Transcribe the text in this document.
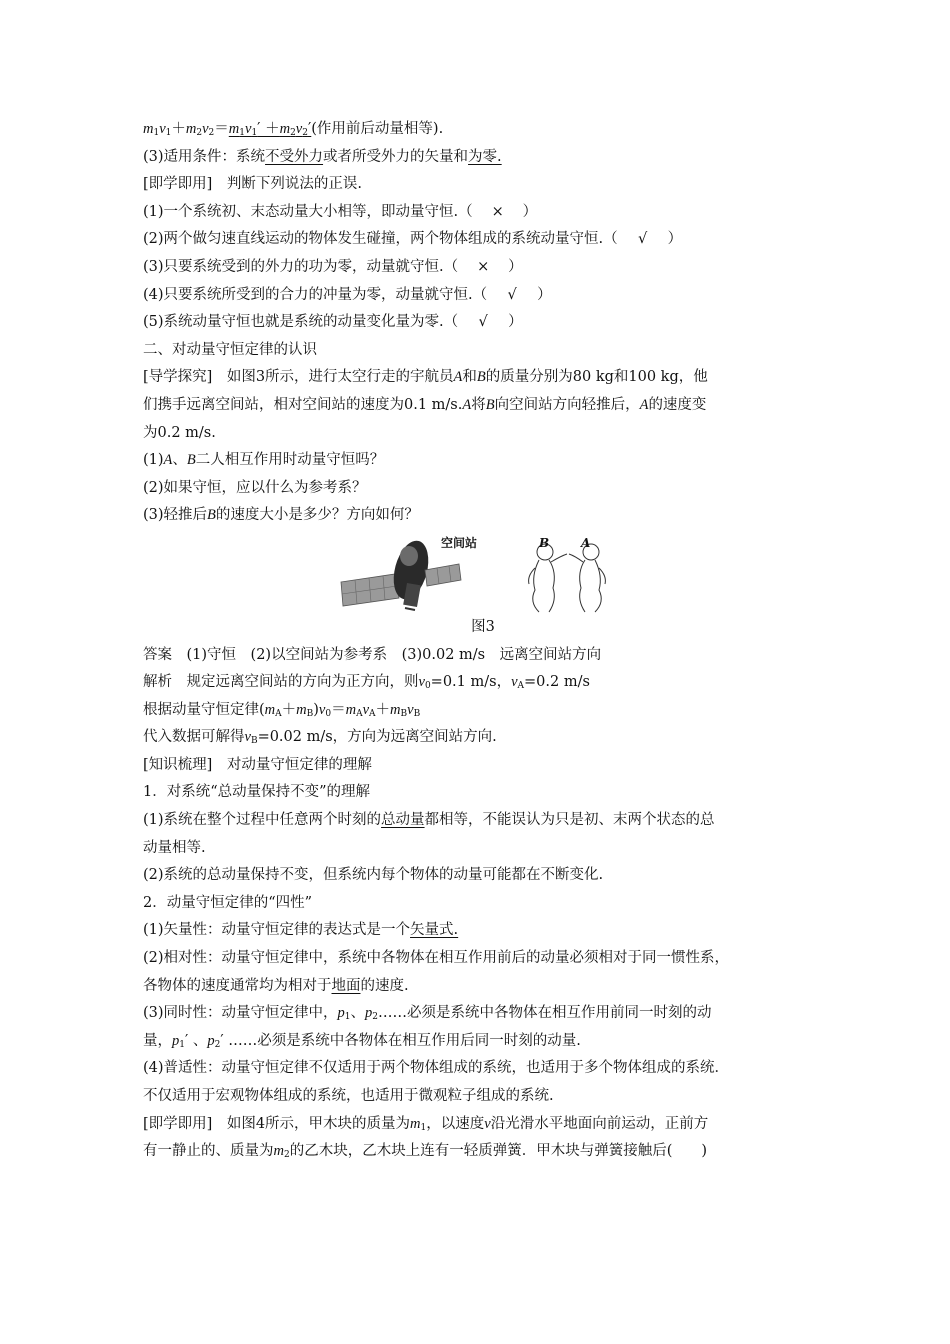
$m_1v_1+m_2v_2=m_1v_1' +m_2v_2'$(作用前后动量相等).
(3)适用条件：系统不受外力或者所受外力的矢量和为零.
[即学即用]　判断下列说法的正误.
(1)一个系统初、末态动量大小相等，即动量守恒.（ × ）
(2)两个做匀速直线运动的物体发生碰撞，两个物体组成的系统动量守恒.（ √ ）
(3)只要系统受到的外力的功为零，动量就守恒.（ × ）
(4)只要系统所受到的合力的冲量为零，动量就守恒.（ √ ）
(5)系统动量守恒也就是系统的动量变化量为零.（ √ ）
二、对动量守恒定律的认识
[导学探究]　如图3所示，进行太空行走的宇航员A和B的质量分别为80 kg和100 kg，他
们携手远离空间站，相对空间站的速度为0.1 m/s.A将B向空间站方向轻推后，A的速度变
为0.2 m/s.
(1)A、B二人相互作用时动量守恒吗？
(2)如果守恒，应以什么为参考系？
(3)轻推后B的速度大小是多少？方向如何？
空间站	B	A
图3
答案　 (1)守恒　 (2)以空间站为参考系　 (3)0.02 m/s　 远离空间站方向
解析　 规定远离空间站的方向为正方向，则$v_0=0.1$ m/s，$v_A=0.2$ m/s
根据动量守恒定律$(m_A+m_B)v_0=m_Av_A+m_Bv_B$
代入数据可解得$v_B=0.02$ m/s，方向为远离空间站方向.
[知识梳理]　对动量守恒定律的理解
1．对系统“总动量保持不变”的理解
(1)系统在整个过程中任意两个时刻的总动量都相等，不能误认为只是初、末两个状态的总
动量相等.
(2)系统的总动量保持不变，但系统内每个物体的动量可能都在不断变化.
2．动量守恒定律的“四性”
(1)矢量性：动量守恒定律的表达式是一个矢量式.
(2)相对性：动量守恒定律中，系统中各物体在相互作用前后的动量必须相对于同一惯性系，
各物体的速度通常均为相对于地面的速度.
(3)同时性：动量守恒定律中，$p_1$、$p_2\dots\dots$必须是系统中各物体在相互作用前同一时刻的动
量，$p_1'$ 、$p_2'$ ……必须是系统中各物体在相互作用后同一时刻的动量.
(4)普适性：动量守恒定律不仅适用于两个物体组成的系统，也适用于多个物体组成的系统．
不仅适用于宏观物体组成的系统，也适用于微观粒子组成的系统.
[即学即用]　如图4所示，甲木块的质量为$m_1$，以速度v沿光滑水平地面向前运动，正前方
有一静止的、质量为$m_2$的乙木块，乙木块上连有一轻质弹簧．甲木块与弹簧接触后(　　)
